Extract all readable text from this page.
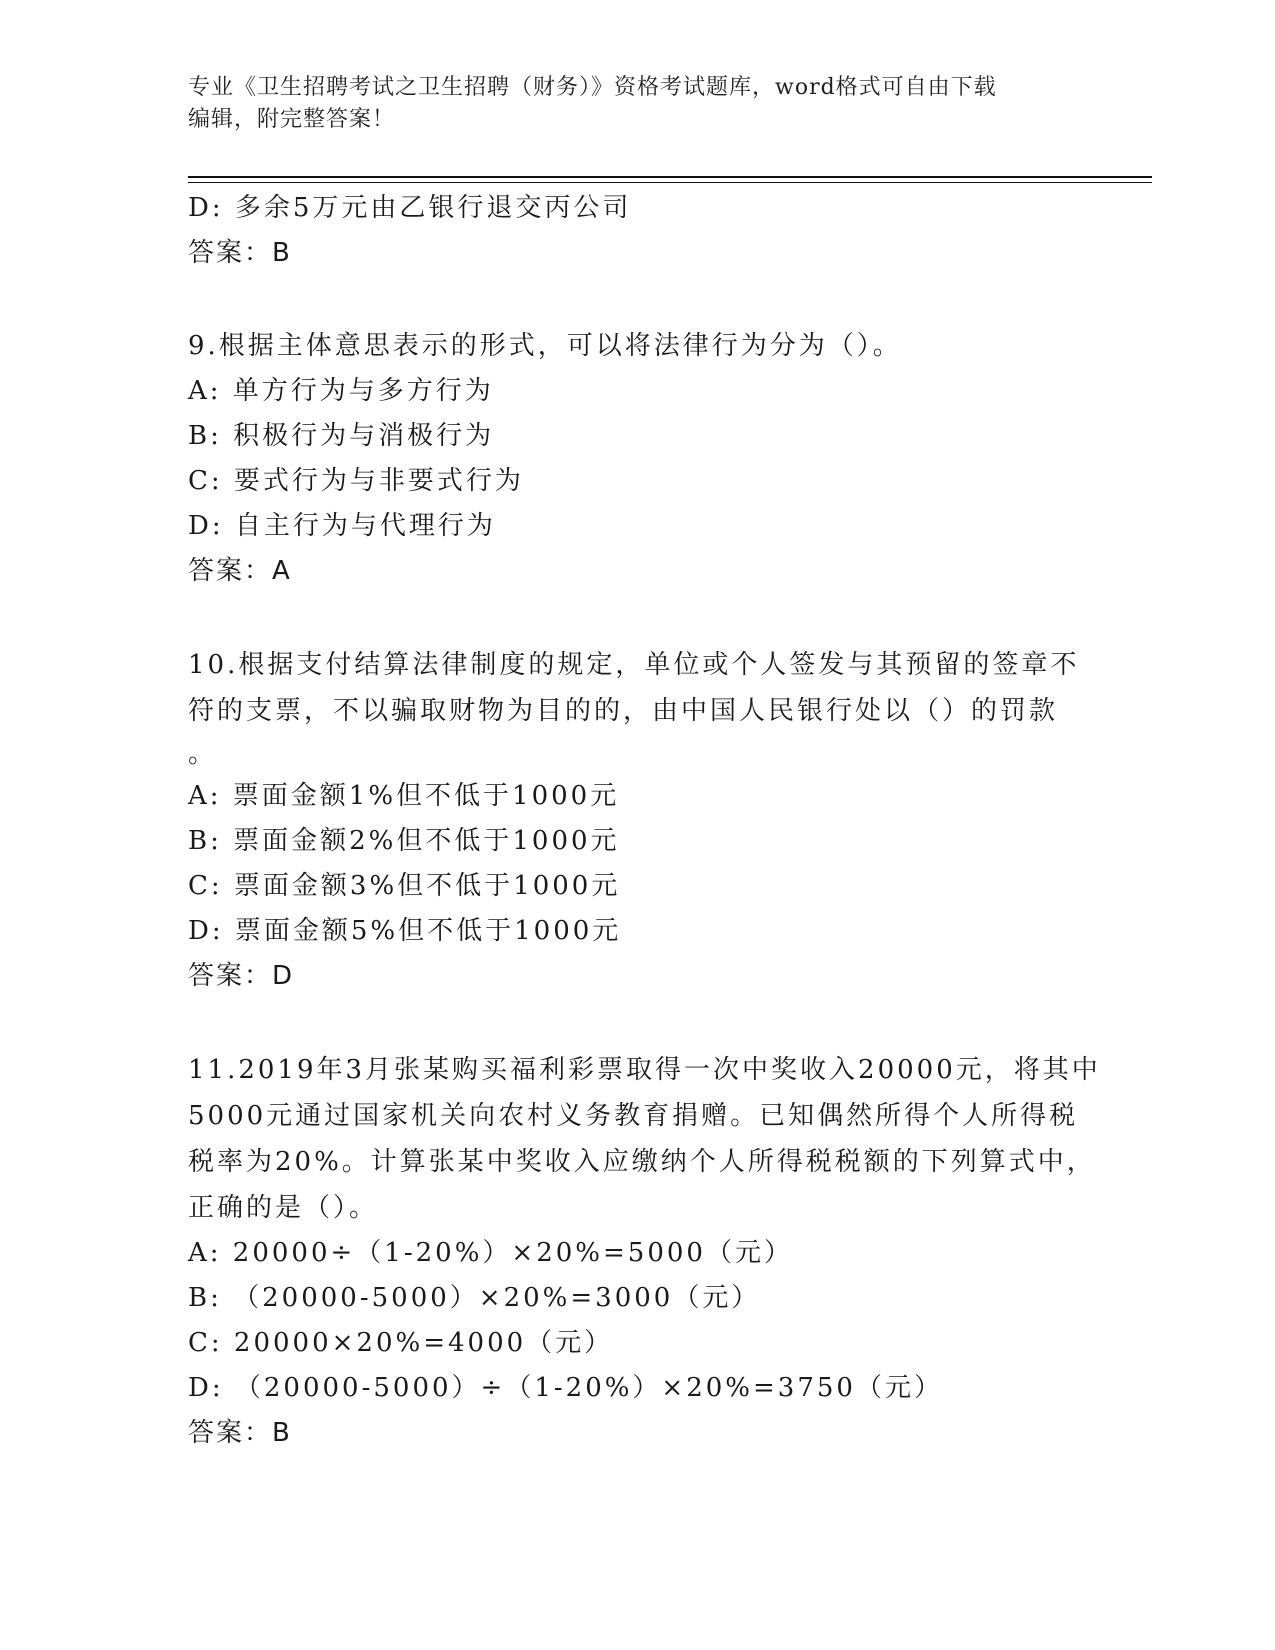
专业《卫生招聘考试之卫生招聘（财务）》资格考试题库，word格式可自由下载
编辑，附完整答案！
D: 多余5万元由乙银行退交丙公司
答案：B
9.根据主体意思表示的形式，可以将法律行为分为（）。
A: 单方行为与多方行为
B: 积极行为与消极行为
C: 要式行为与非要式行为
D: 自主行为与代理行为
答案：A
10.根据支付结算法律制度的规定，单位或个人签发与其预留的签章不
符的支票，不以骗取财物为目的的，由中国人民银行处以（）的罚款
。
A: 票面金额1%但不低于1000元
B: 票面金额2%但不低于1000元
C: 票面金额3%但不低于1000元
D: 票面金额5%但不低于1000元
答案：D
11.2019年3月张某购买福利彩票取得一次中奖收入20000元，将其中
5000元通过国家机关向农村义务教育捐赠。已知偶然所得个人所得税
税率为20%。计算张某中奖收入应缴纳个人所得税税额的下列算式中，
正确的是（）。
A: 20000÷（1-20%）×20%=5000（元）
B: （20000-5000）×20%=3000（元）
C: 20000×20%=4000（元）
D: （20000-5000）÷（1-20%）×20%=3750（元）
答案：B
